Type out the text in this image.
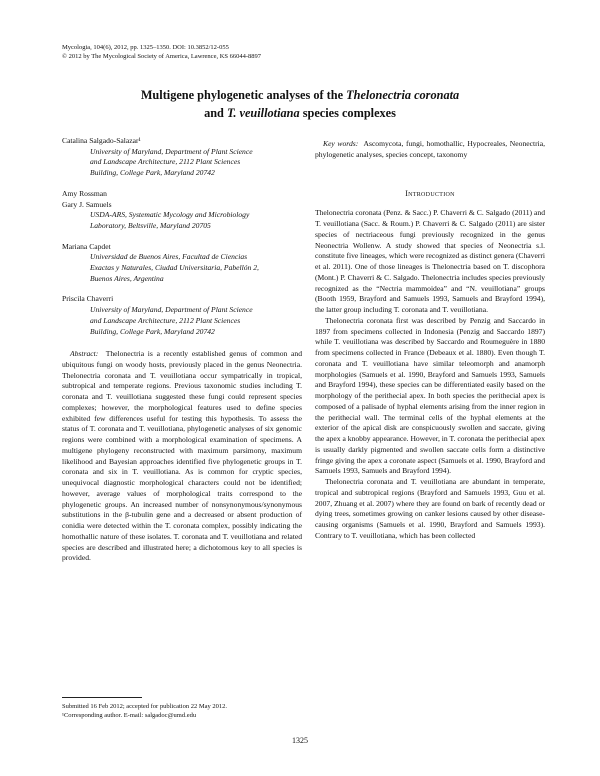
Mycologia, 104(6), 2012, pp. 1325–1350. DOI: 10.3852/12-055
© 2012 by The Mycological Society of America, Lawrence, KS 66044-8897
Multigene phylogenetic analyses of the Thelonectria coronata
and T. veuillotiana species complexes
Catalina Salgado-Salazar¹
University of Maryland, Department of Plant Science
and Landscape Architecture, 2112 Plant Sciences
Building, College Park, Maryland 20742
Amy Rossman
Gary J. Samuels
USDA-ARS, Systematic Mycology and Microbiology
Laboratory, Beltsville, Maryland 20705
Mariana Capdet
Universidad de Buenos Aires, Facultad de Ciencias
Exactas y Naturales, Ciudad Universitaria, Pabellón 2,
Buenos Aires, Argentina
Priscila Chaverri
University of Maryland, Department of Plant Science
and Landscape Architecture, 2112 Plant Sciences
Building, College Park, Maryland 20742
Abstract: Thelonectria is a recently established genus of common and ubiquitous fungi on woody hosts, previously placed in the genus Neonectria. Thelonectria coronata and T. veuillotiana occur sympatrically in tropical, subtropical and temperate regions. Previous taxonomic studies including T. coronata and T. veuillotiana suggested these fungi could represent species complexes; however, the morphological features used to define species exhibited few differences useful for testing this hypothesis. To assess the status of T. coronata and T. veuillotiana, phylogenetic analyses of six genomic regions were combined with a morphological examination of specimens. A multigene phylogeny reconstructed with maximum parsimony, maximum likelihood and Bayesian approaches identified five phylogenetic groups in T. coronata and six in T. veuillotiana. As is common for cryptic species, unequivocal diagnostic morphological characters could not be identified; however, average values of morphological traits correspond to the phylogenetic groups. An increased number of nonsynonymous/synonymous substitutions in the β-tubulin gene and a decreased or absent production of conidia were detected within the T. coronata complex, possibly indicating the homothallic nature of these isolates. T. coronata and T. veuillotiana and related species are described and illustrated here; a dichotomous key to all species is provided.
Key words: Ascomycota, fungi, homothallic, Hypocreales, Neonectria, phylogenetic analyses, species concept, taxonomy
Introduction

Thelonectria coronata (Penz. & Sacc.) P. Chaverri & C. Salgado (2011) and T. veuillotiana (Sacc. & Roum.) P. Chaverri & C. Salgado (2011) are sister species of nectriaceous fungi previously recognized in the genus Neonectria Wollenw. A study showed that species of Neonectria s.l. constitute five lineages, which were recognized as distinct genera (Chaverri et al. 2011). One of those lineages is Thelonectria based on T. discophora (Mont.) P. Chaverri & C. Salgado. Thelonectria includes species previously recognized as the “Nectria mammoidea” and “N. veuillotiana” groups (Booth 1959, Brayford and Samuels 1993, Samuels and Brayford 1994), the latter group including T. coronata and T. veuillotiana.

Thelonectria coronata first was described by Penzig and Saccardo in 1897 from specimens collected in Indonesia (Penzig and Saccardo 1897) while T. veuillotiana was described by Saccardo and Roumeguère in 1880 from specimens collected in France (Debeaux et al. 1880). Even though T. coronata and T. veuillotiana have similar teleomorph and anamorph morphologies (Samuels et al. 1990, Brayford and Samuels 1993, Samuels and Brayford 1994), these species can be differentiated easily based on the morphology of the perithecial apex. In both species the perithecial apex is composed of a palisade of hyphal elements arising from the inner region in the perithecial wall. The terminal cells of the hyphal elements at the exterior of the apical disk are conspicuously swollen and saccate, giving the apex a knobby appearance. However, in T. coronata the perithecial apex is usually darkly pigmented and swollen saccate cells form a distinctive fringe giving the apex a coronate aspect (Samuels et al. 1990, Brayford and Samuels 1993, Samuels and Brayford 1994).

Thelonectria coronata and T. veuillotiana are abundant in temperate, tropical and subtropical regions (Brayford and Samuels 1993, Guu et al. 2007, Zhuang et al. 2007) where they are found on bark of recently dead or dying trees, sometimes growing on canker lesions caused by other disease-causing organisms (Samuels et al. 1990, Brayford and Samuels 1993). Contrary to T. veuillotiana, which has been collected

Submitted 16 Feb 2012; accepted for publication 22 May 2012.
¹Corresponding author. E-mail: salgadoc@umd.edu
1325
